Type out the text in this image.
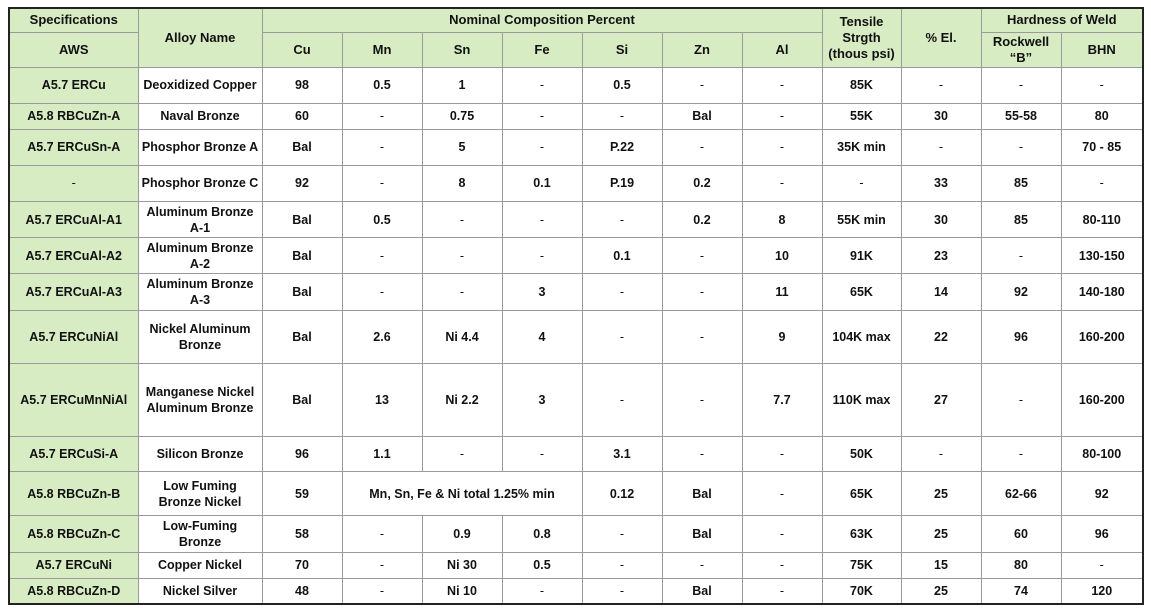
Specifications	Alloy Name	Nominal Composition Percent							Tensile Strgth (thous psi)	% El.	Hardness of Weld	
AWS		Cu	Mn	Sn	Fe	Si	Zn	Al			Rockwell “B”	BHN
A5.7 ERCu	Deoxidized Copper	98	0.5	1	-	0.5	-	-	85K	-	-	-
A5.8 RBCuZn-A	Naval Bronze	60	-	0.75	-	-	Bal	-	55K	30	55-58	80
A5.7 ERCuSn-A	Phosphor Bronze A	Bal	-	5	-	P.22	-	-	35K min	-	-	70 - 85
-	Phosphor Bronze C	92	-	8	0.1	P.19	0.2	-	-	33	85	-
A5.7 ERCuAl-A1	Aluminum Bronze A-1	Bal	0.5	-	-	-	0.2	8	55K min	30	85	80-110
A5.7 ERCuAl-A2	Aluminum Bronze A-2	Bal	-	-	-	0.1	-	10	91K	23	-	130-150
A5.7 ERCuAl-A3	Aluminum Bronze A-3	Bal	-	-	3	-	-	11	65K	14	92	140-180
A5.7 ERCuNiAl	Nickel Aluminum Bronze	Bal	2.6	Ni 4.4	4	-	-	9	104K max	22	96	160-200
A5.7 ERCuMnNiAl	Manganese Nickel Aluminum Bronze	Bal	13	Ni 2.2	3	-	-	7.7	110K max	27	-	160-200
A5.7 ERCuSi-A	Silicon Bronze	96	1.1	-	-	3.1	-	-	50K	-	-	80-100
A5.8 RBCuZn-B	Low Fuming Bronze Nickel	59	Mn, Sn, Fe & Ni total 1.25% min			0.12	Bal	-	65K	25	62-66	92
A5.8 RBCuZn-C	Low-Fuming Bronze	58	-	0.9	0.8	-	Bal	-	63K	25	60	96
A5.7 ERCuNi	Copper Nickel	70	-	Ni 30	0.5	-	-	-	75K	15	80	-
A5.8 RBCuZn-D	Nickel Silver	48	-	Ni 10	-	-	Bal	-	70K	25	74	120
